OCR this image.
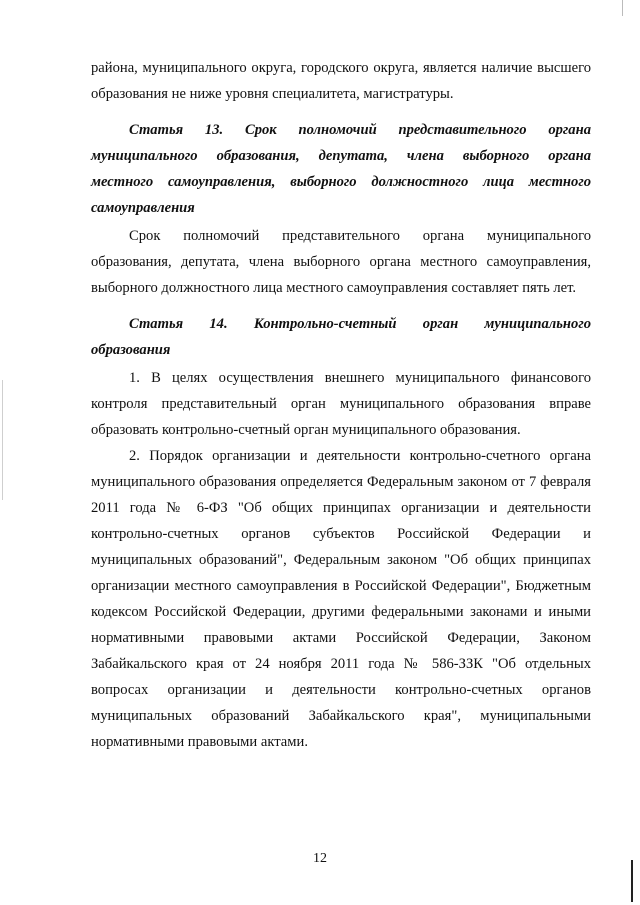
района, муниципального округа, городского округа, является наличие высшего образования не ниже уровня специалитета, магистратуры.

Статья 13. Срок полномочий представительного органа муниципального образования, депутата, члена выборного органа местного самоуправления, выборного должностного лица местного самоуправления

Срок полномочий представительного органа муниципального образования, депутата, члена выборного органа местного самоуправления, выборного должностного лица местного самоуправления составляет пять лет.

Статья 14. Контрольно-счетный орган муниципального образования

1. В целях осуществления внешнего муниципального финансового контроля представительный орган муниципального образования вправе образовать контрольно-счетный орган муниципального образования.

2. Порядок организации и деятельности контрольно-счетного органа муниципального образования определяется Федеральным законом от 7 февраля 2011 года № 6-ФЗ "Об общих принципах организации и деятельности контрольно-счетных органов субъектов Российской Федерации и муниципальных образований", Федеральным законом "Об общих принципах организации местного самоуправления в Российской Федерации", Бюджетным кодексом Российской Федерации, другими федеральными законами и иными нормативными правовыми актами Российской Федерации, Законом Забайкальского края от 24 ноября 2011 года № 586-ЗЗК "Об отдельных вопросах организации и деятельности контрольно-счетных органов муниципальных образований Забайкальского края", муниципальными нормативными правовыми актами.

12
